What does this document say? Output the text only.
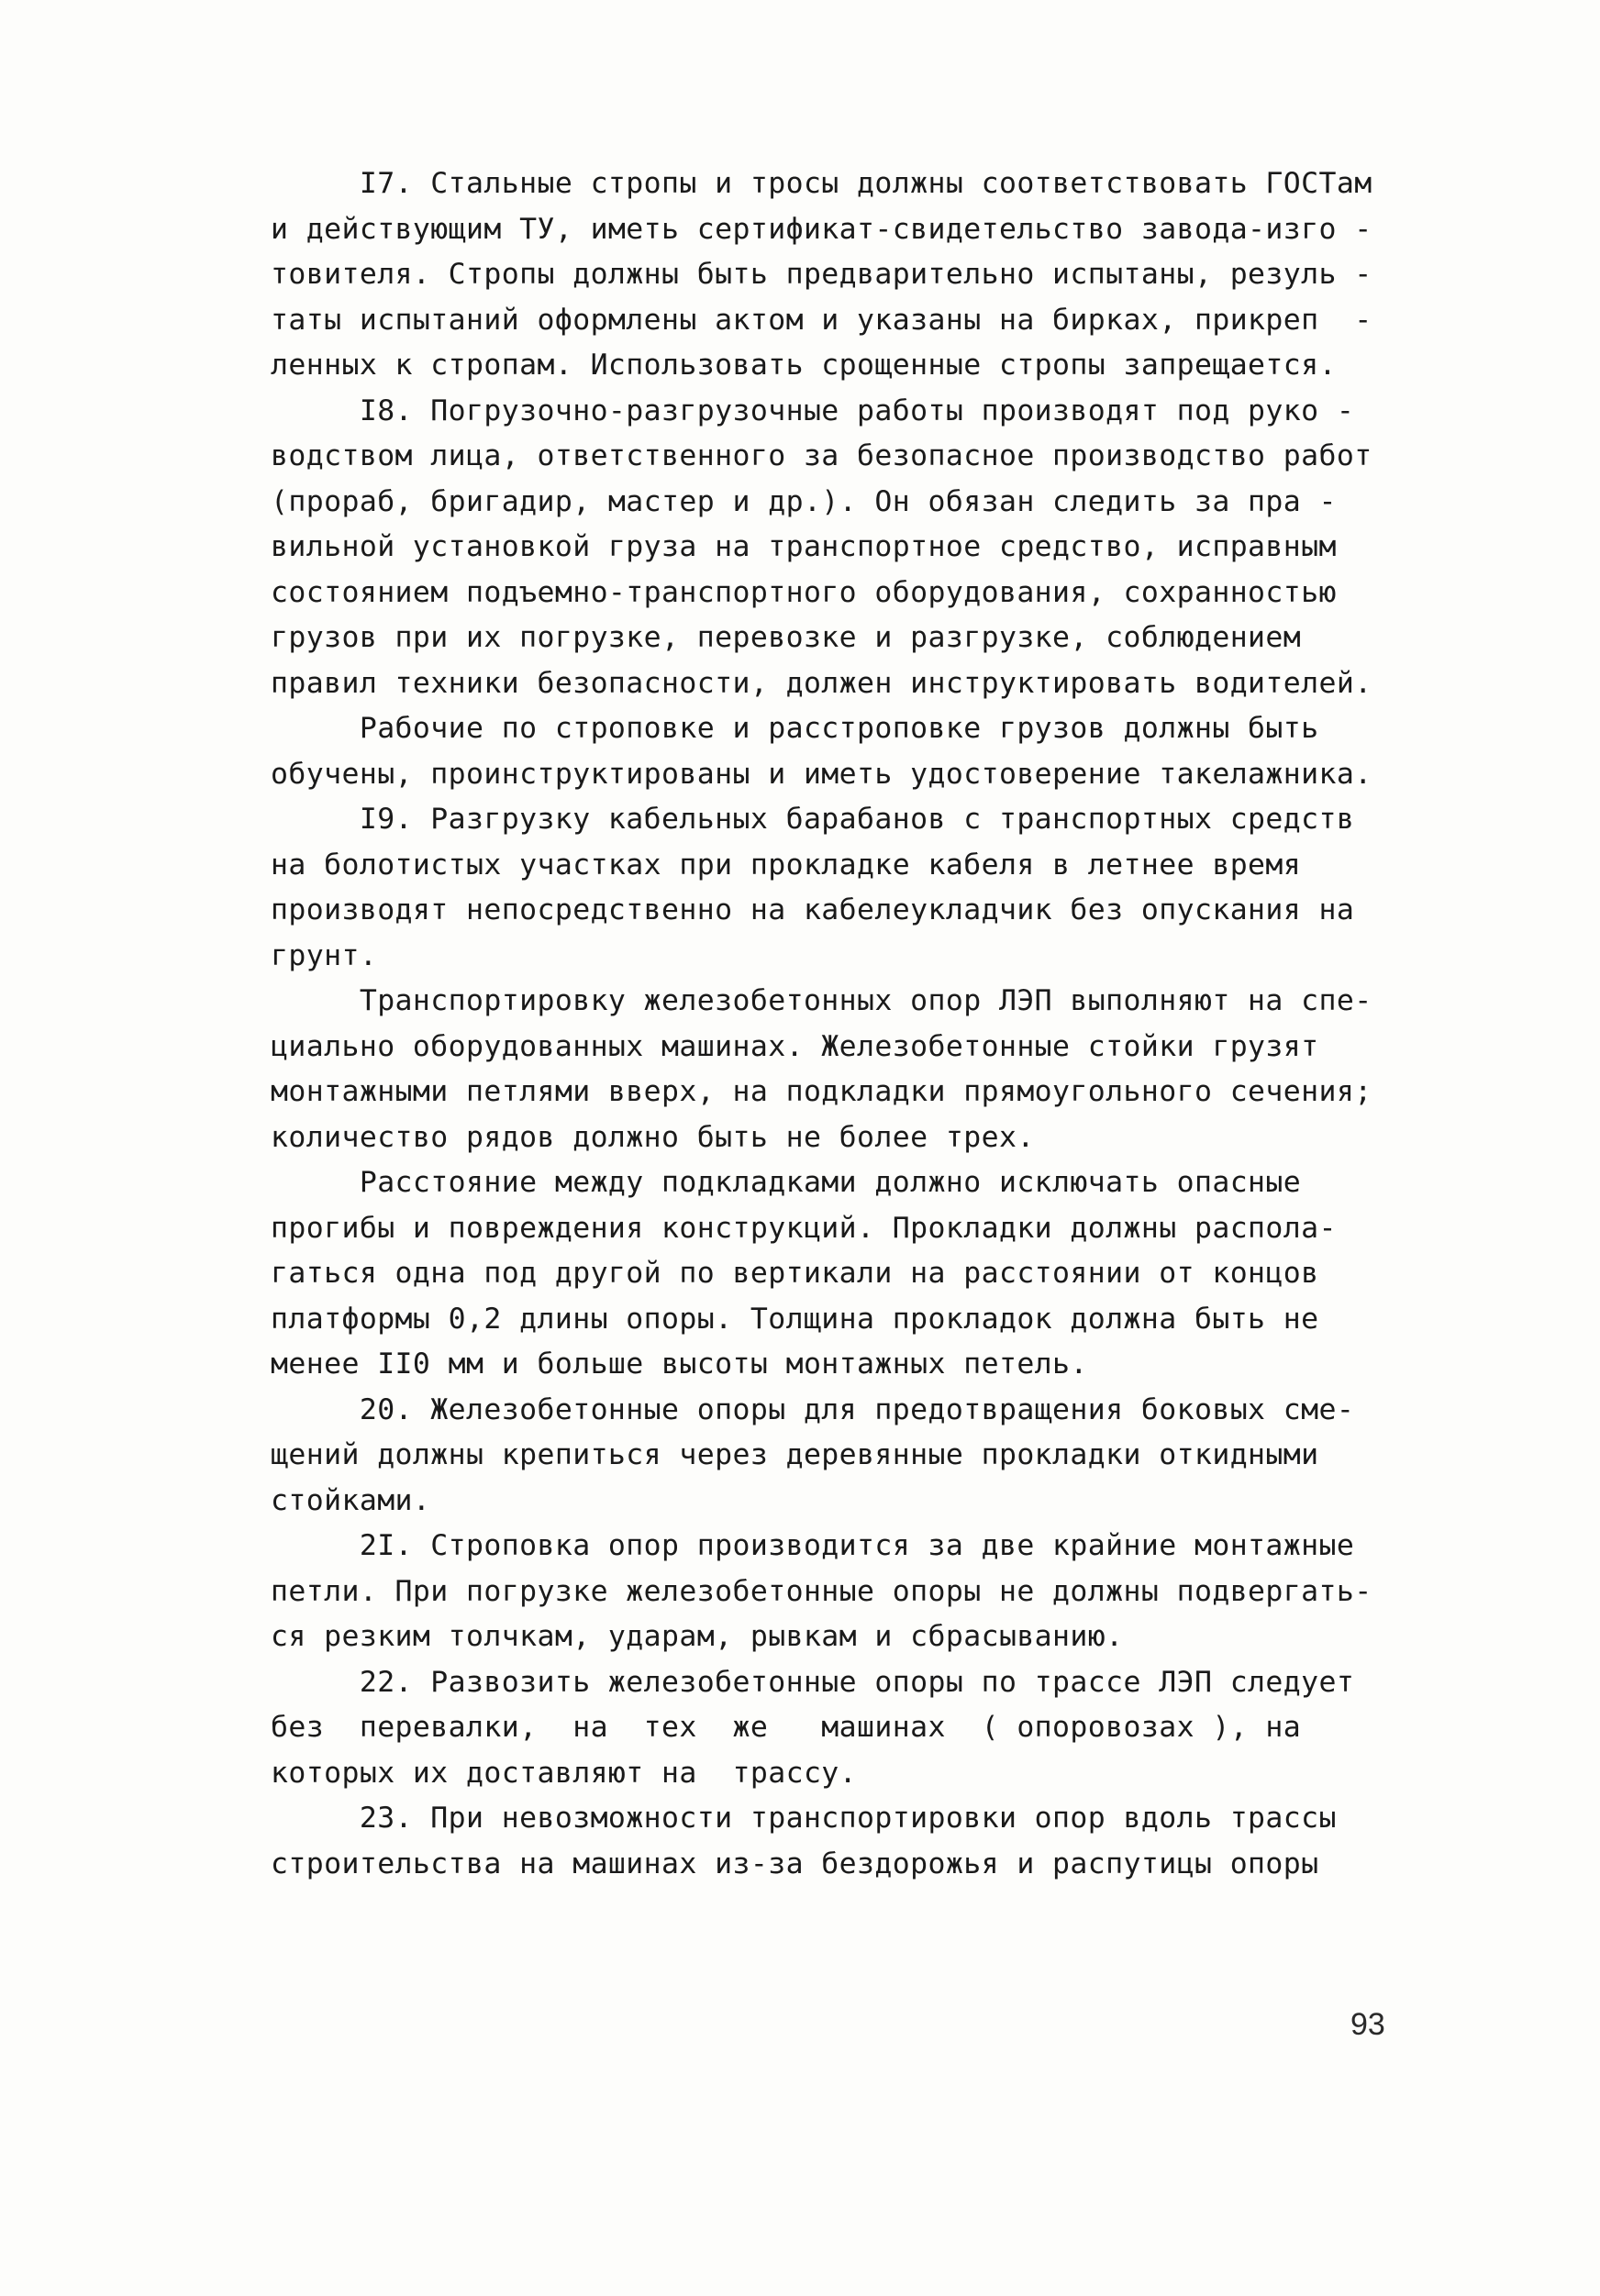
I7. Стальные стропы и тросы должны соответствовать ГОСТам
и действующим ТУ, иметь сертификат-свидетельство завода-изго -
товителя. Стропы должны быть предварительно испытаны, резуль -
таты испытаний оформлены актом и указаны на бирках, прикреп  -
ленных к стропам. Использовать срощенные стропы запрещается.
I8. Погрузочно-разгрузочные работы производят под руко -
водством лица, ответственного за безопасное производство работ
(прораб, бригадир, мастер и др.). Он обязан следить за пра -
вильной установкой груза на транспортное средство, исправным
состоянием подъемно-транспортного оборудования, сохранностью
грузов при их погрузке, перевозке и разгрузке, соблюдением
правил техники безопасности, должен инструктировать водителей.
Рабочие по строповке и расстроповке грузов должны быть
обучены, проинструктированы и иметь удостоверение такелажника.
I9. Разгрузку кабельных барабанов с транспортных средств
на болотистых участках при прокладке кабеля в летнее время
производят непосредственно на кабелеукладчик без опускания на
грунт.
Транспортировку железобетонных опор ЛЭП выполняют на спе-
циально оборудованных машинах. Железобетонные стойки грузят
монтажными петлями вверх, на подкладки прямоугольного сечения;
количество рядов должно быть не более трех.
Расстояние между подкладками должно исключать опасные
прогибы и повреждения конструкций. Прокладки должны распола-
гаться одна под другой по вертикали на расстоянии от концов
платформы 0,2 длины опоры. Толщина прокладок должна быть не
менее II0 мм и больше высоты монтажных петель.
20. Железобетонные опоры для предотвращения боковых сме-
щений должны крепиться через деревянные прокладки откидными
стойками.
2I. Строповка опор производится за две крайние монтажные
петли. При погрузке железобетонные опоры не должны подвергать-
ся резким толчкам, ударам, рывкам и сбрасыванию.
22. Развозить железобетонные опоры по трассе ЛЭП следует
без  перевалки,  на  тех  же   машинах  ( опоровозах ), на
которых их доставляют на  трассу.
23. При невозможности транспортировки опор вдоль трассы
строительства на машинах из-за бездорожья и распутицы опоры
93
